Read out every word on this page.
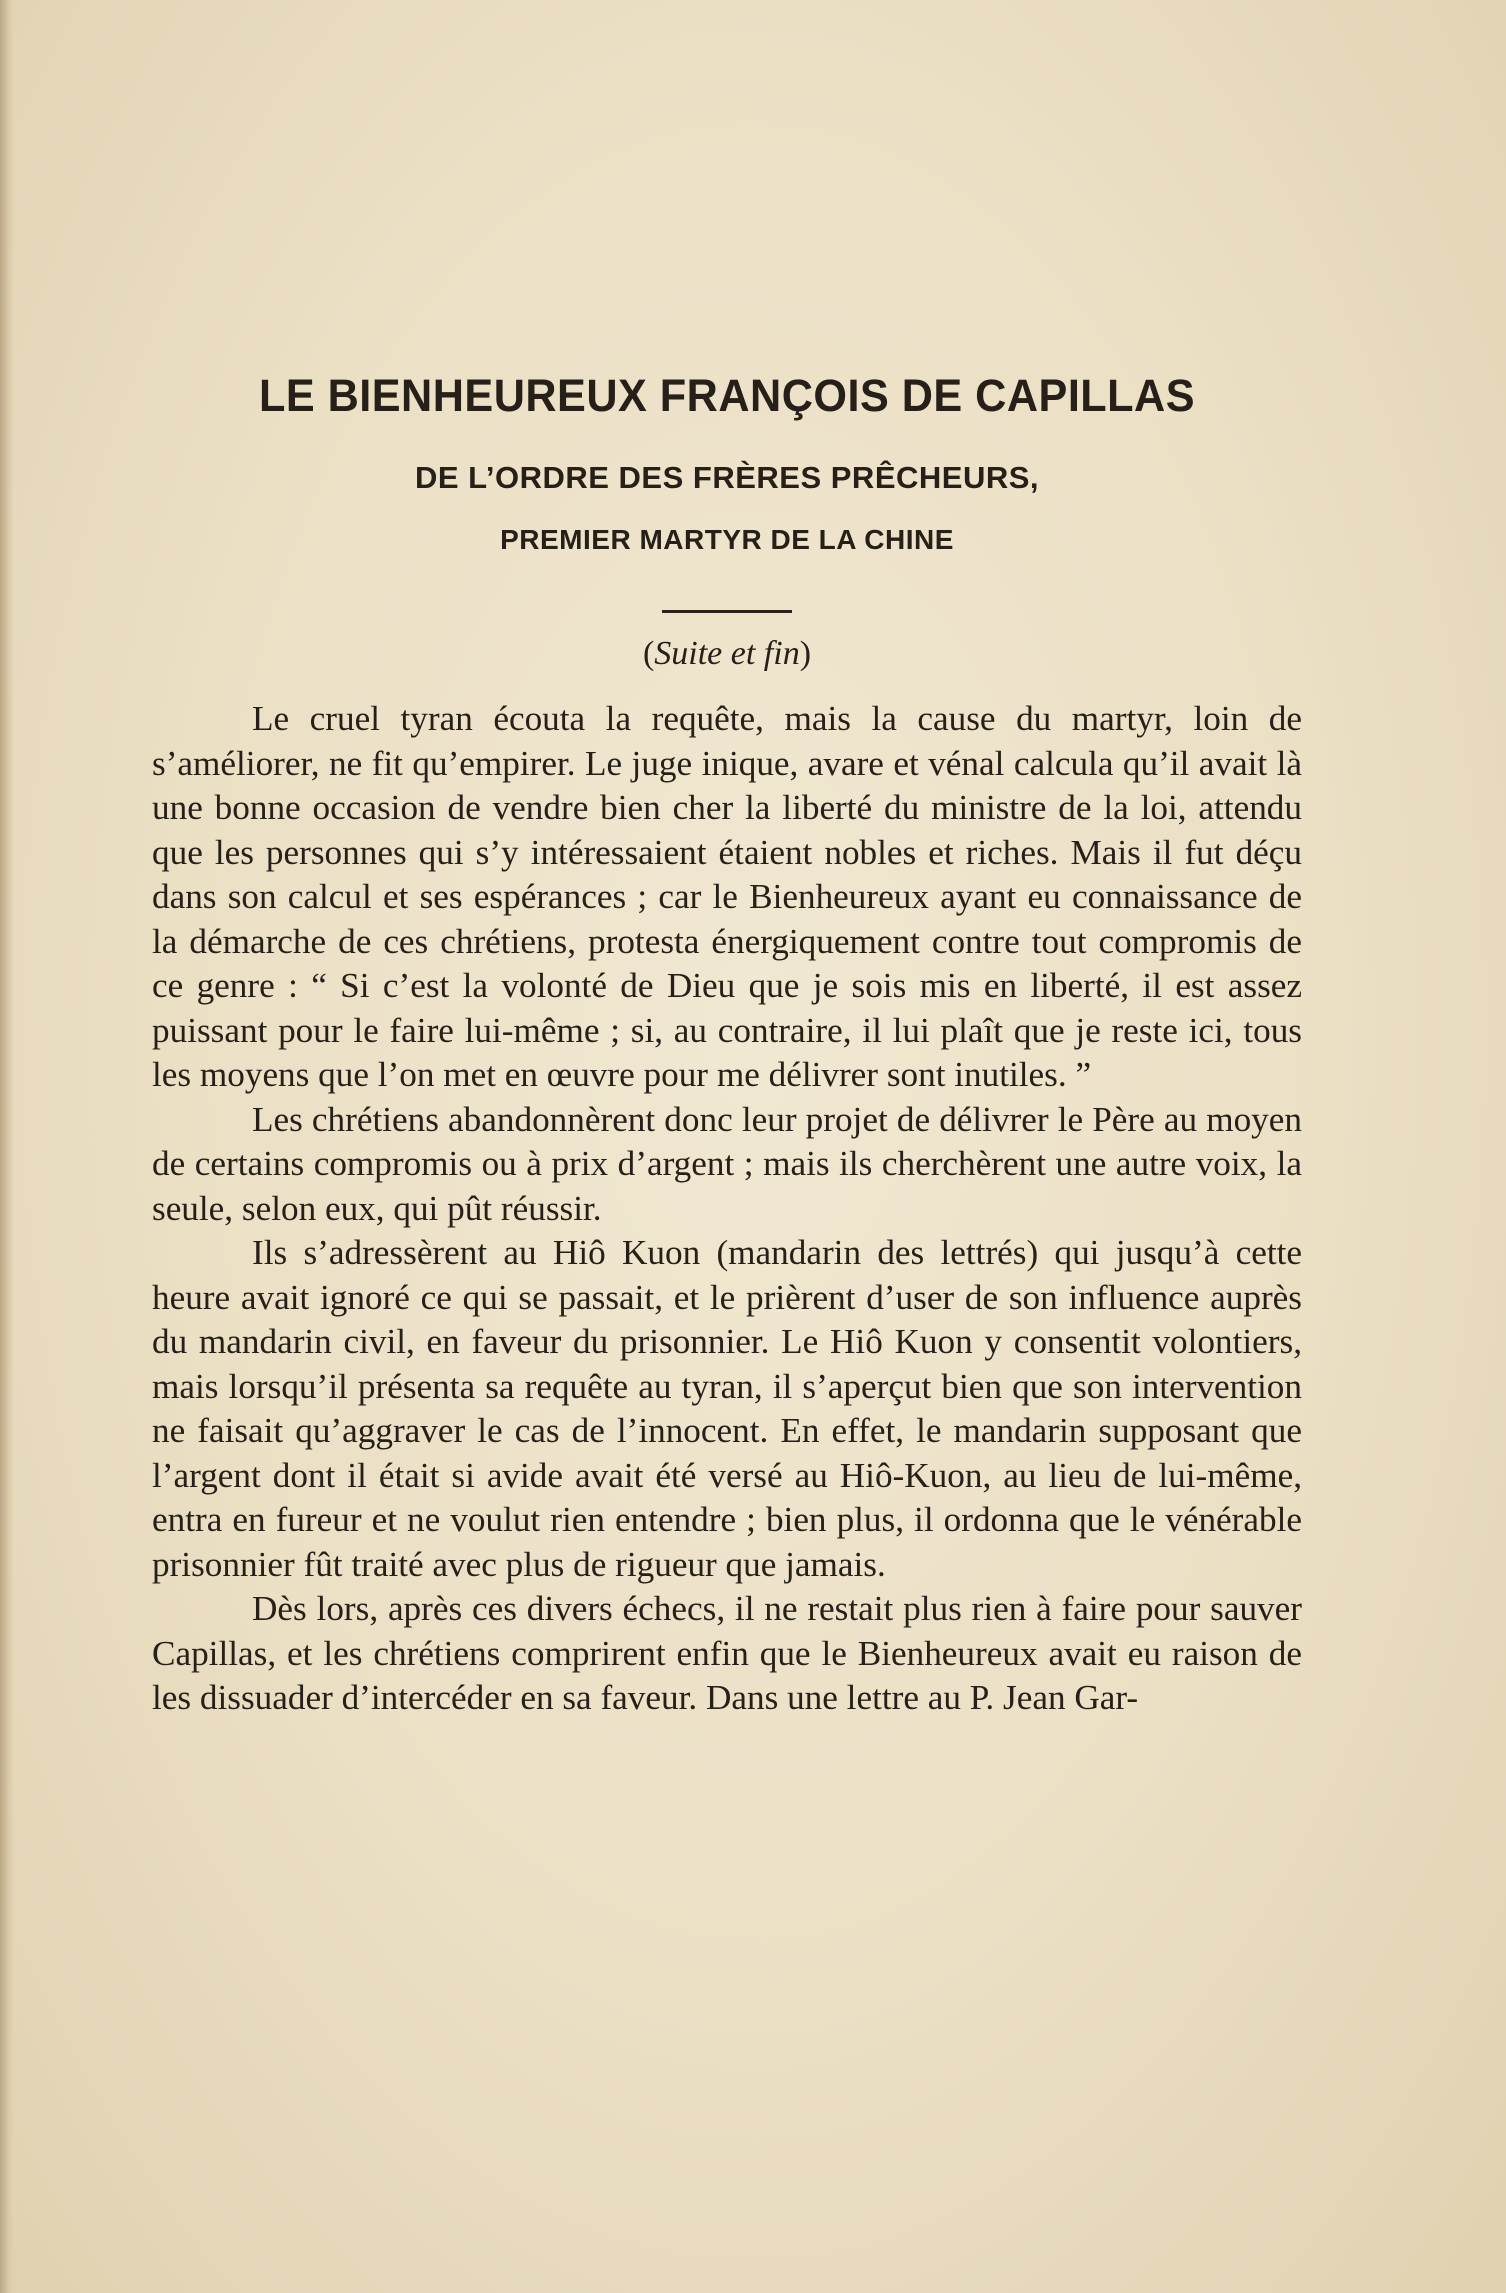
LE BIENHEUREUX FRANÇOIS DE CAPILLAS
DE L’ORDRE DES FRÈRES PRÊCHEURS,
PREMIER MARTYR DE LA CHINE

(Suite et fin)

Le cruel tyran écouta la requête, mais la cause du martyr, loin de s’améliorer, ne fit qu’empirer. Le juge inique, avare et vénal calcula qu’il avait là une bonne occasion de vendre bien cher la liberté du ministre de la loi, attendu que les personnes qui s’y intéressaient étaient nobles et riches. Mais il fut déçu dans son calcul et ses espérances ; car le Bienheureux ayant eu connaissance de la démarche de ces chrétiens, protesta énergiquement contre tout compromis de ce genre : “ Si c’est la volonté de Dieu que je sois mis en liberté, il est assez puissant pour le faire lui-même ; si, au contraire, il lui plaît que je reste ici, tous les moyens que l’on met en œuvre pour me délivrer sont inutiles. ”

Les chrétiens abandonnèrent donc leur projet de délivrer le Père au moyen de certains compromis ou à prix d’argent ; mais ils cherchèrent une autre voix, la seule, selon eux, qui pût réussir.

Ils s’adressèrent au Hiô Kuon (mandarin des lettrés) qui jusqu’à cette heure avait ignoré ce qui se passait, et le prièrent d’user de son influence auprès du mandarin civil, en faveur du prisonnier. Le Hiô Kuon y consentit volontiers, mais lorsqu’il présenta sa requête au tyran, il s’aperçut bien que son intervention ne faisait qu’aggraver le cas de l’innocent. En effet, le mandarin supposant que l’argent dont il était si avide avait été versé au Hiô-Kuon, au lieu de lui-même, entra en fureur et ne voulut rien entendre ; bien plus, il ordonna que le vénérable prisonnier fût traité avec plus de rigueur que jamais.

Dès lors, après ces divers échecs, il ne restait plus rien à faire pour sauver Capillas, et les chrétiens comprirent enfin que le Bienheureux avait eu raison de les dissuader d’intercéder en sa faveur. Dans une lettre au P. Jean Gar-
